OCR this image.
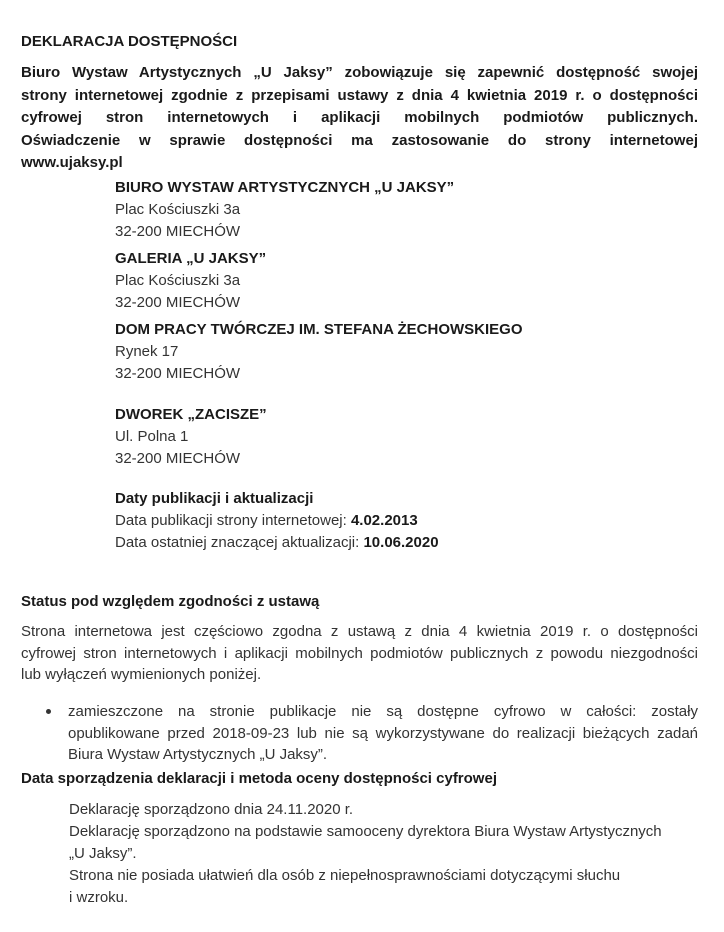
DEKLARACJA DOSTĘPNOŚCI
Biuro Wystaw Artystycznych „U Jaksy” zobowiązuje się zapewnić dostępność swojej
strony internetowej zgodnie z przepisami ustawy z dnia 4 kwietnia 2019 r. o dostępności
cyfrowej stron internetowych i aplikacji mobilnych podmiotów publicznych.
Oświadczenie w sprawie dostępności ma zastosowanie do strony internetowej
www.ujaksy.pl
BIURO WYSTAW ARTYSTYCZNYCH „U JAKSY”
Plac Kościuszki 3a
32-200 MIECHÓW
GALERIA „U JAKSY”
Plac Kościuszki 3a
32-200 MIECHÓW
DOM PRACY TWÓRCZEJ IM. STEFANA ŻECHOWSKIEGO
Rynek 17
32-200 MIECHÓW
DWOREK „ZACISZE”
Ul. Polna 1
32-200 MIECHÓW
Daty publikacji i aktualizacji
Data publikacji strony internetowej: 4.02.2013
Data ostatniej znaczącej aktualizacji: 10.06.2020
Status pod względem zgodności z ustawą
Strona internetowa jest częściowo zgodna z ustawą z dnia 4 kwietnia 2019 r. o dostępności
cyfrowej stron internetowych i aplikacji mobilnych podmiotów publicznych z powodu niezgodności
lub wyłączeń wymienionych poniżej.
zamieszczone na stronie publikacje nie są dostępne cyfrowo w całości: zostały
opublikowane przed 2018-09-23 lub nie są wykorzystywane do realizacji bieżących zadań
Biura Wystaw Artystycznych „U Jaksy”.
Data sporządzenia deklaracji i metoda oceny dostępności cyfrowej
Deklarację sporządzono dnia 24.11.2020 r.
Deklarację sporządzono na podstawie samooceny dyrektora Biura Wystaw Artystycznych
„U Jaksy”.
Strona nie posiada ułatwień dla osób z niepełnosprawnościami dotyczącymi słuchu
i wzroku.
